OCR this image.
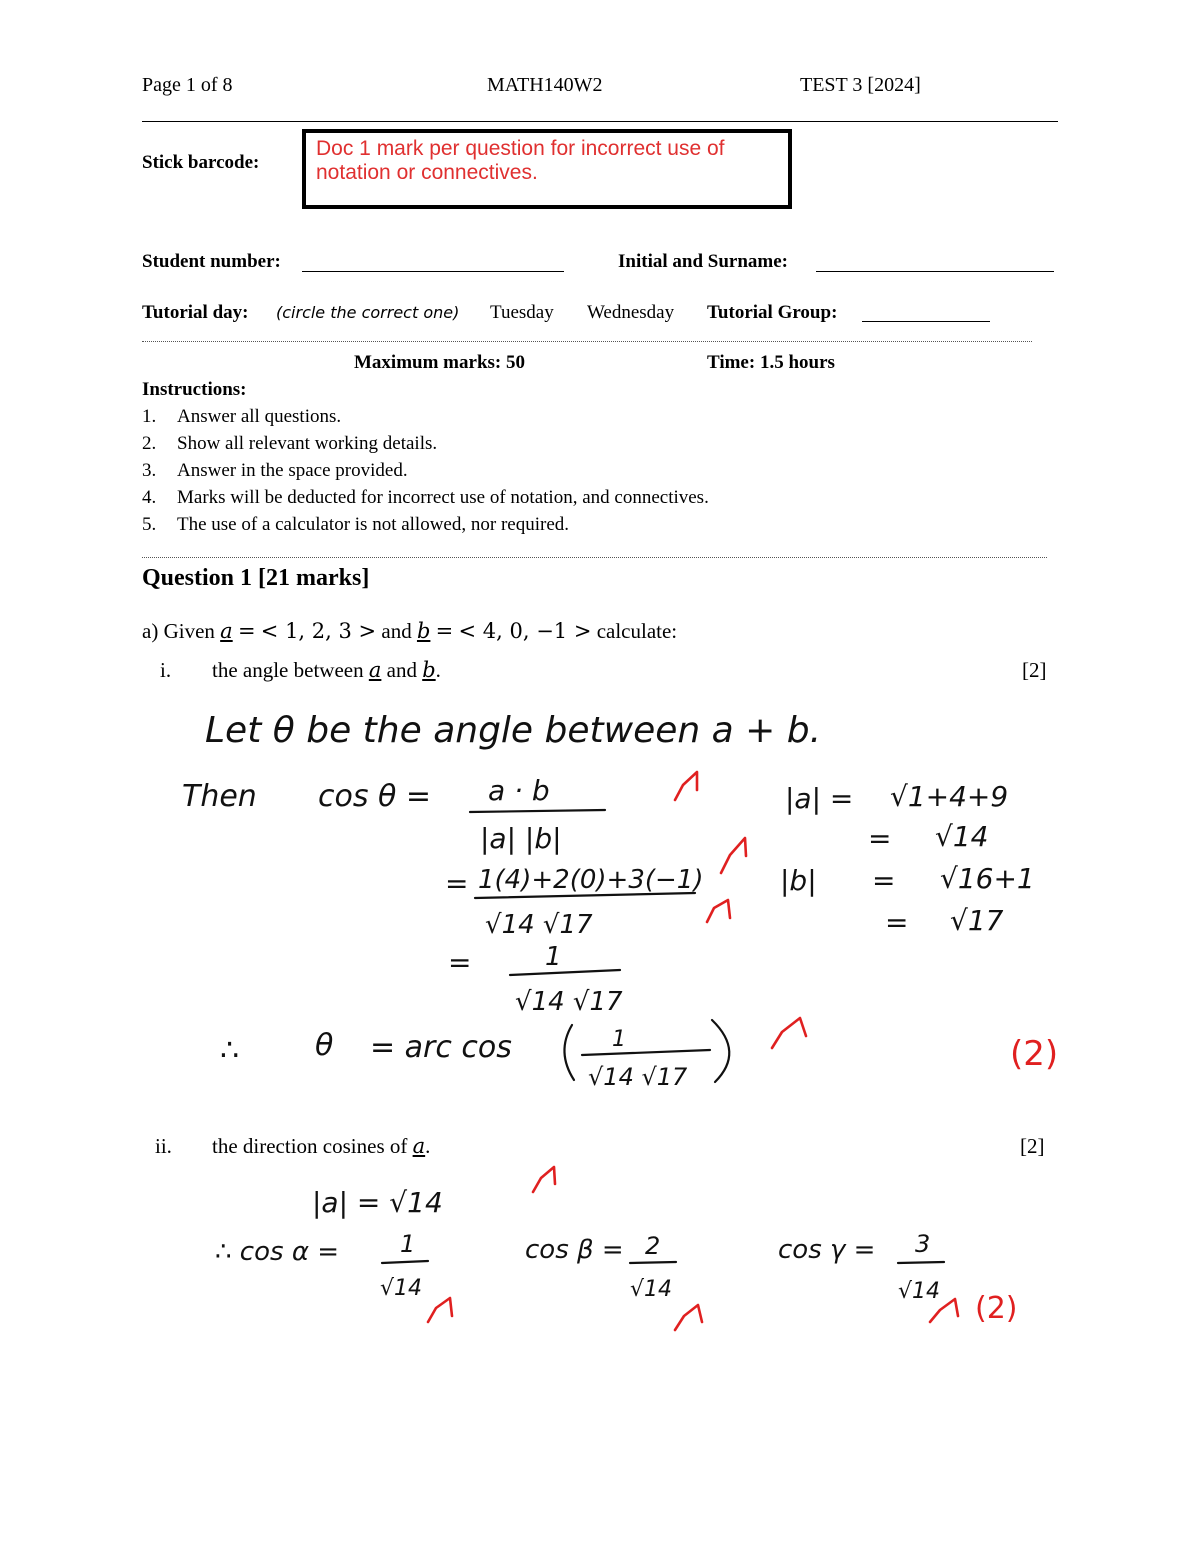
Page 1 of 8	MATH140W2	TEST 3 [2024]
Stick barcode:
Doc 1 mark per question for incorrect use of notation or connectives.
Student number:	Initial and Surname:
Tutorial day: (circle the correct one) Tuesday Wednesday Tutorial Group:
Maximum marks: 50	Time: 1.5 hours
Instructions:
1. Answer all questions.
2. Show all relevant working details.
3. Answer in the space provided.
4. Marks will be deducted for incorrect use of notation, and connectives.
5. The use of a calculator is not allowed, nor required.
Question 1 [21 marks]
a) Given a = < 1, 2, 3 > and b = < 4, 0, −1 > calculate:
i. the angle between a and b.	[2]
ii. the direction cosines of a.	[2]
Let θ be the angle between a + b.
Then cos θ = a · b
|a| |b|
= 1(4)+2(0)+3(−1)
√14 √17
=	1
√14 √17
∴	θ = arc cos	1
√14 √17
|a| = √1+4+9
= √14
|b| = √16+1
= √17
(2)
|a| = √14
∴ cos α =	1
√14
cos β = 2
√14
cos γ = 3
√14 (2)
